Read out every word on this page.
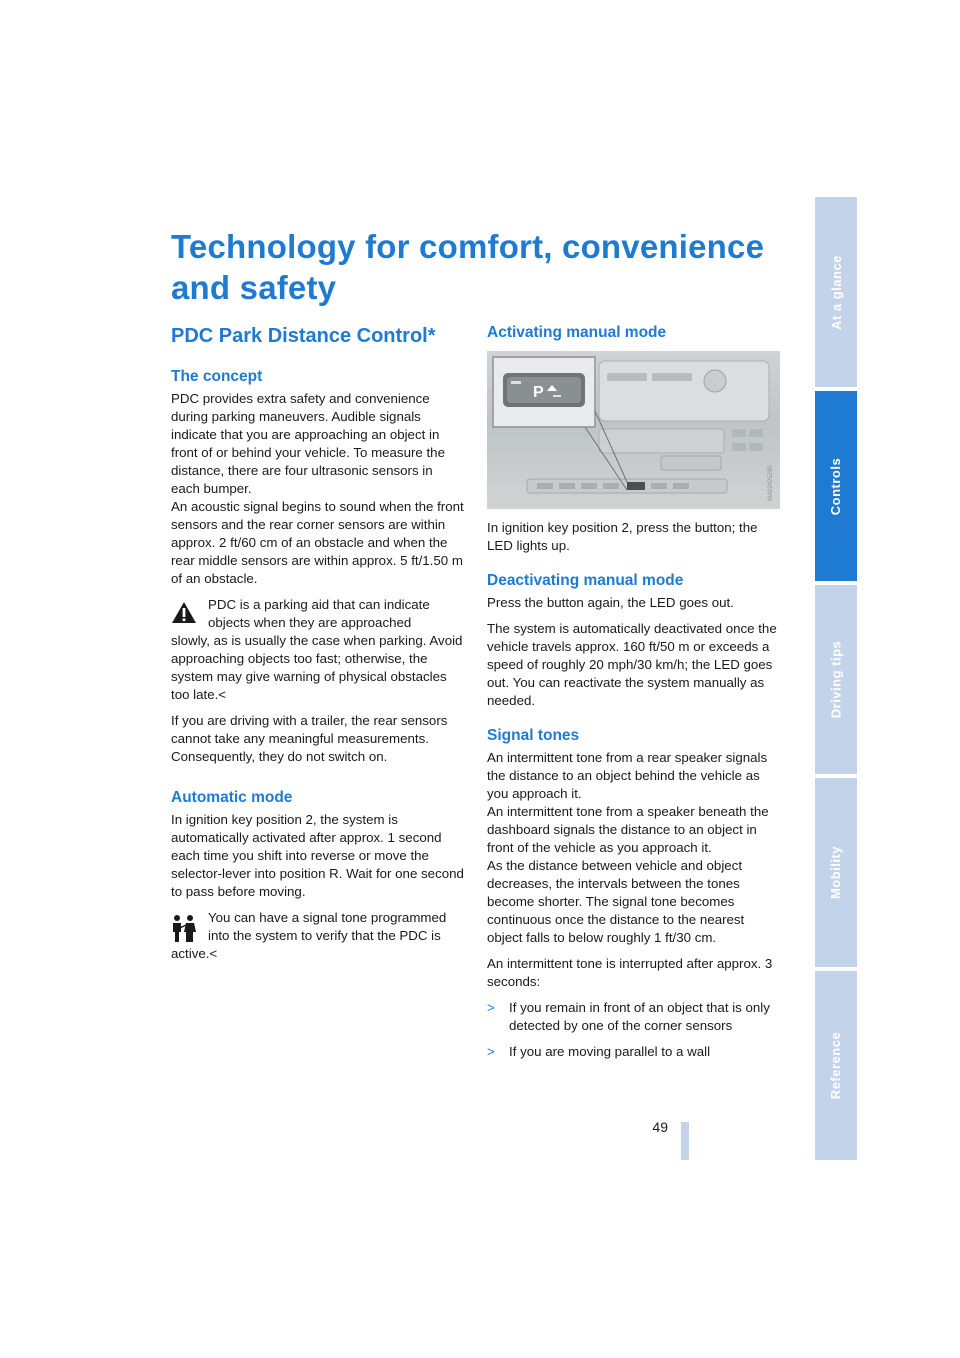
Technology for comfort, convenience and safety
PDC Park Distance Control*
The concept

PDC provides extra safety and convenience during parking maneuvers. Audible signals indicate that you are approaching an object in front of or behind your vehicle. To measure the distance, there are four ultrasonic sensors in each bumper.

An acoustic signal begins to sound when the front sensors and the rear corner sensors are within approx. 2 ft/60 cm of an obstacle and when the rear middle sensors are within approx. 5 ft/1.50 m of an obstacle.

PDC is a parking aid that can indicate objects when they are approached

slowly, as is usually the case when parking. Avoid approaching objects too fast; otherwise, the system may give warning of physical obstacles too late.<

If you are driving with a trailer, the rear sensors cannot take any meaningful measurements. Consequently, they do not switch on.

Automatic mode

In ignition key position 2, the system is automatically activated after approx. 1 second each time you shift into reverse or move the selector-lever into position R. Wait for one second to pass before moving.

You can have a signal tone programmed into the system to verify that the PDC is

active.<

Activating manual mode
P
MA02425280

In ignition key position 2, press the button; the LED lights up.

Deactivating manual mode

Press the button again, the LED goes out.

The system is automatically deactivated once the vehicle travels approx. 160 ft/50 m or exceeds a speed of roughly 20 mph/30 km/h; the LED goes out. You can reactivate the system manually as needed.

Signal tones

An intermittent tone from a rear speaker signals the distance to an object behind the vehicle as you approach it.

An intermittent tone from a speaker beneath the dashboard signals the distance to an object in front of the vehicle as you approach it.

As the distance between vehicle and object decreases, the intervals between the tones become shorter. The signal tone becomes continuous once the distance to the nearest object falls to below roughly 1 ft/30 cm.

An intermittent tone is interrupted after approx. 3 seconds:

>	If you remain in front of an object that is only detected by one of the corner sensors
>	If you are moving parallel to a wall
At a glance
Controls
Driving tips
Mobility
Reference
49
